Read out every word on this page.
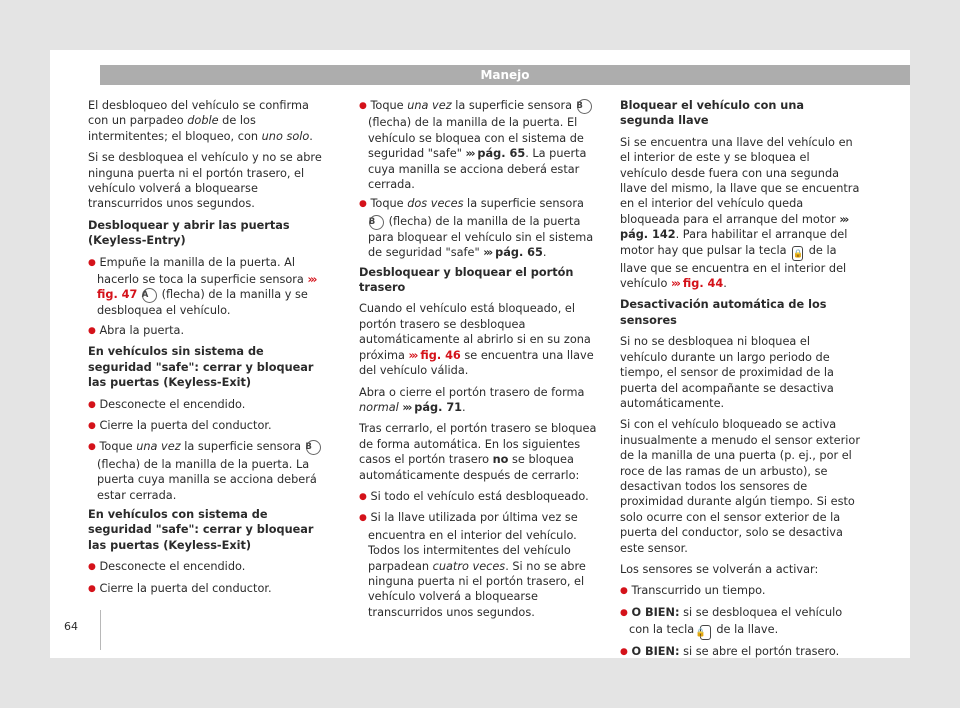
Manejo

El desbloqueo del vehículo se confirma con un parpadeo doble de los intermitentes; el bloqueo, con uno solo.

Si se desbloquea el vehículo y no se abre ninguna puerta ni el portón trasero, el vehículo volverá a bloquearse transcurridos unos segundos.

Desbloquear y abrir las puertas (Keyless-Entry)

● Empuñe la manilla de la puerta. Al hacerlo se toca la superficie sensora ››› fig. 47 A (flecha) de la manilla y se desbloquea el vehículo.

● Abra la puerta.

En vehículos sin sistema de seguridad "safe": cerrar y bloquear las puertas (Keyless-Exit)

● Desconecte el encendido.

● Cierre la puerta del conductor.

● Toque una vez la superficie sensora B (flecha) de la manilla de la puerta. La puerta cuya manilla se acciona deberá estar cerrada.

En vehículos con sistema de seguridad "safe": cerrar y bloquear las puertas (Keyless-Exit)

● Desconecte el encendido.

● Cierre la puerta del conductor.

● Toque una vez la superficie sensora B (flecha) de la manilla de la puerta. El vehículo se bloquea con el sistema de seguridad "safe" ››› pág. 65. La puerta cuya manilla se acciona deberá estar cerrada.

● Toque dos veces la superficie sensora B (flecha) de la manilla de la puerta para bloquear el vehículo sin el sistema de seguridad "safe" ››› pág. 65.

Desbloquear y bloquear el portón trasero

Cuando el vehículo está bloqueado, el portón trasero se desbloquea automáticamente al abrirlo si en su zona próxima ››› fig. 46 se encuentra una llave del vehículo válida.

Abra o cierre el portón trasero de forma normal ››› pág. 71.

Tras cerrarlo, el portón trasero se bloquea de forma automática. En los siguientes casos el portón trasero no se bloquea automáticamente después de cerrarlo:

● Si todo el vehículo está desbloqueado.

● Si la llave utilizada por última vez se encuentra en el interior del vehículo. Todos los intermitentes del vehículo parpadean cuatro veces. Si no se abre ninguna puerta ni el portón trasero, el vehículo volverá a bloquearse transcurridos unos segundos.

Bloquear el vehículo con una segunda llave

Si se encuentra una llave del vehículo en el interior de este y se bloquea el vehículo desde fuera con una segunda llave del mismo, la llave que se encuentra en el interior del vehículo queda bloqueada para el arranque del motor ››› pág. 142. Para habilitar el arranque del motor hay que pulsar la tecla 🔒 de la llave que se encuentra en el interior del vehículo ››› fig. 44.

Desactivación automática de los sensores

Si no se desbloquea ni bloquea el vehículo durante un largo periodo de tiempo, el sensor de proximidad de la puerta del acompañante se desactiva automáticamente.

Si con el vehículo bloqueado se activa inusualmente a menudo el sensor exterior de la manilla de una puerta (p. ej., por el roce de las ramas de un arbusto), se desactivan todos los sensores de proximidad durante algún tiempo. Si esto solo ocurre con el sensor exterior de la puerta del conductor, solo se desactiva este sensor.

Los sensores se volverán a activar:

● Transcurrido un tiempo.

● O BIEN: si se desbloquea el vehículo con la tecla 🔒 de la llave.

● O BIEN: si se abre el portón trasero.

64
